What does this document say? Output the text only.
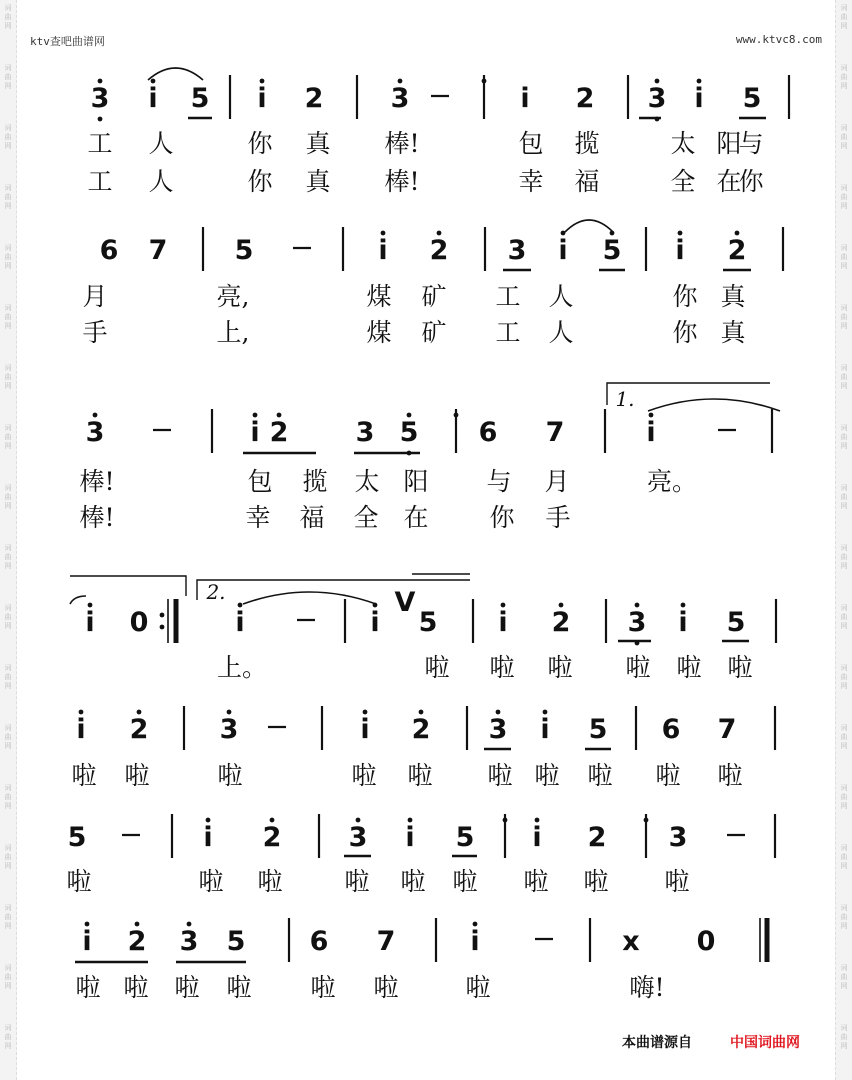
词
曲
网
词
曲
网
词
曲
网
词
曲
网
词
曲
网
词
曲
网
词
曲
网
词
曲
网
词
曲
网
词
曲
网
词
曲
网
词
曲
网
词
曲
网
词
曲
网
词
曲
网
词
曲
网
词
曲
网
词
曲
网
词
曲
网
词
曲
网
词
曲
网
词
曲
网
词
曲
网
词
曲
网
词
曲
网
词
曲
网
词
曲
网
词
曲
网
词
曲
网
词
曲
网
词
曲
网
词
曲
网
词
曲
网
词
曲
网
词
曲
网
词
曲
网
ktv查吧曲谱网	www.ktvc8.com
3 i 5 i 2 3	i 2 3 i 5
工 人	你 真 棒!	包 揽	太 阳
与
工 人	你 真 棒!	幸 福	全 在
你
6 7 5	i 2 3 i 5 i 2
月	亮,	煤 矿 工 人	你 真
手	上,	煤 矿 工 人	你 真
3	i 2 3 5 6 7	i
棒!	包 揽 太 阳 与 月	亮。
棒!	幸 福 全 在 你 手
i 0	i	i
V
5 i 2 3 i 5
上。	啦 啦 啦 啦 啦 啦
i 2	3	i 2 3 i 5 6 7
啦 啦	啦	啦 啦 啦 啦 啦 啦 啦
5	i 2 3 i 5 i 2 3
啦	啦 啦 啦 啦 啦 啦 啦 啦
i 2 3 5 6 7	i	x 0
啦 啦 啦 啦 啦 啦	啦	嗨!
1.
2.
本曲谱源自	中国词曲网
